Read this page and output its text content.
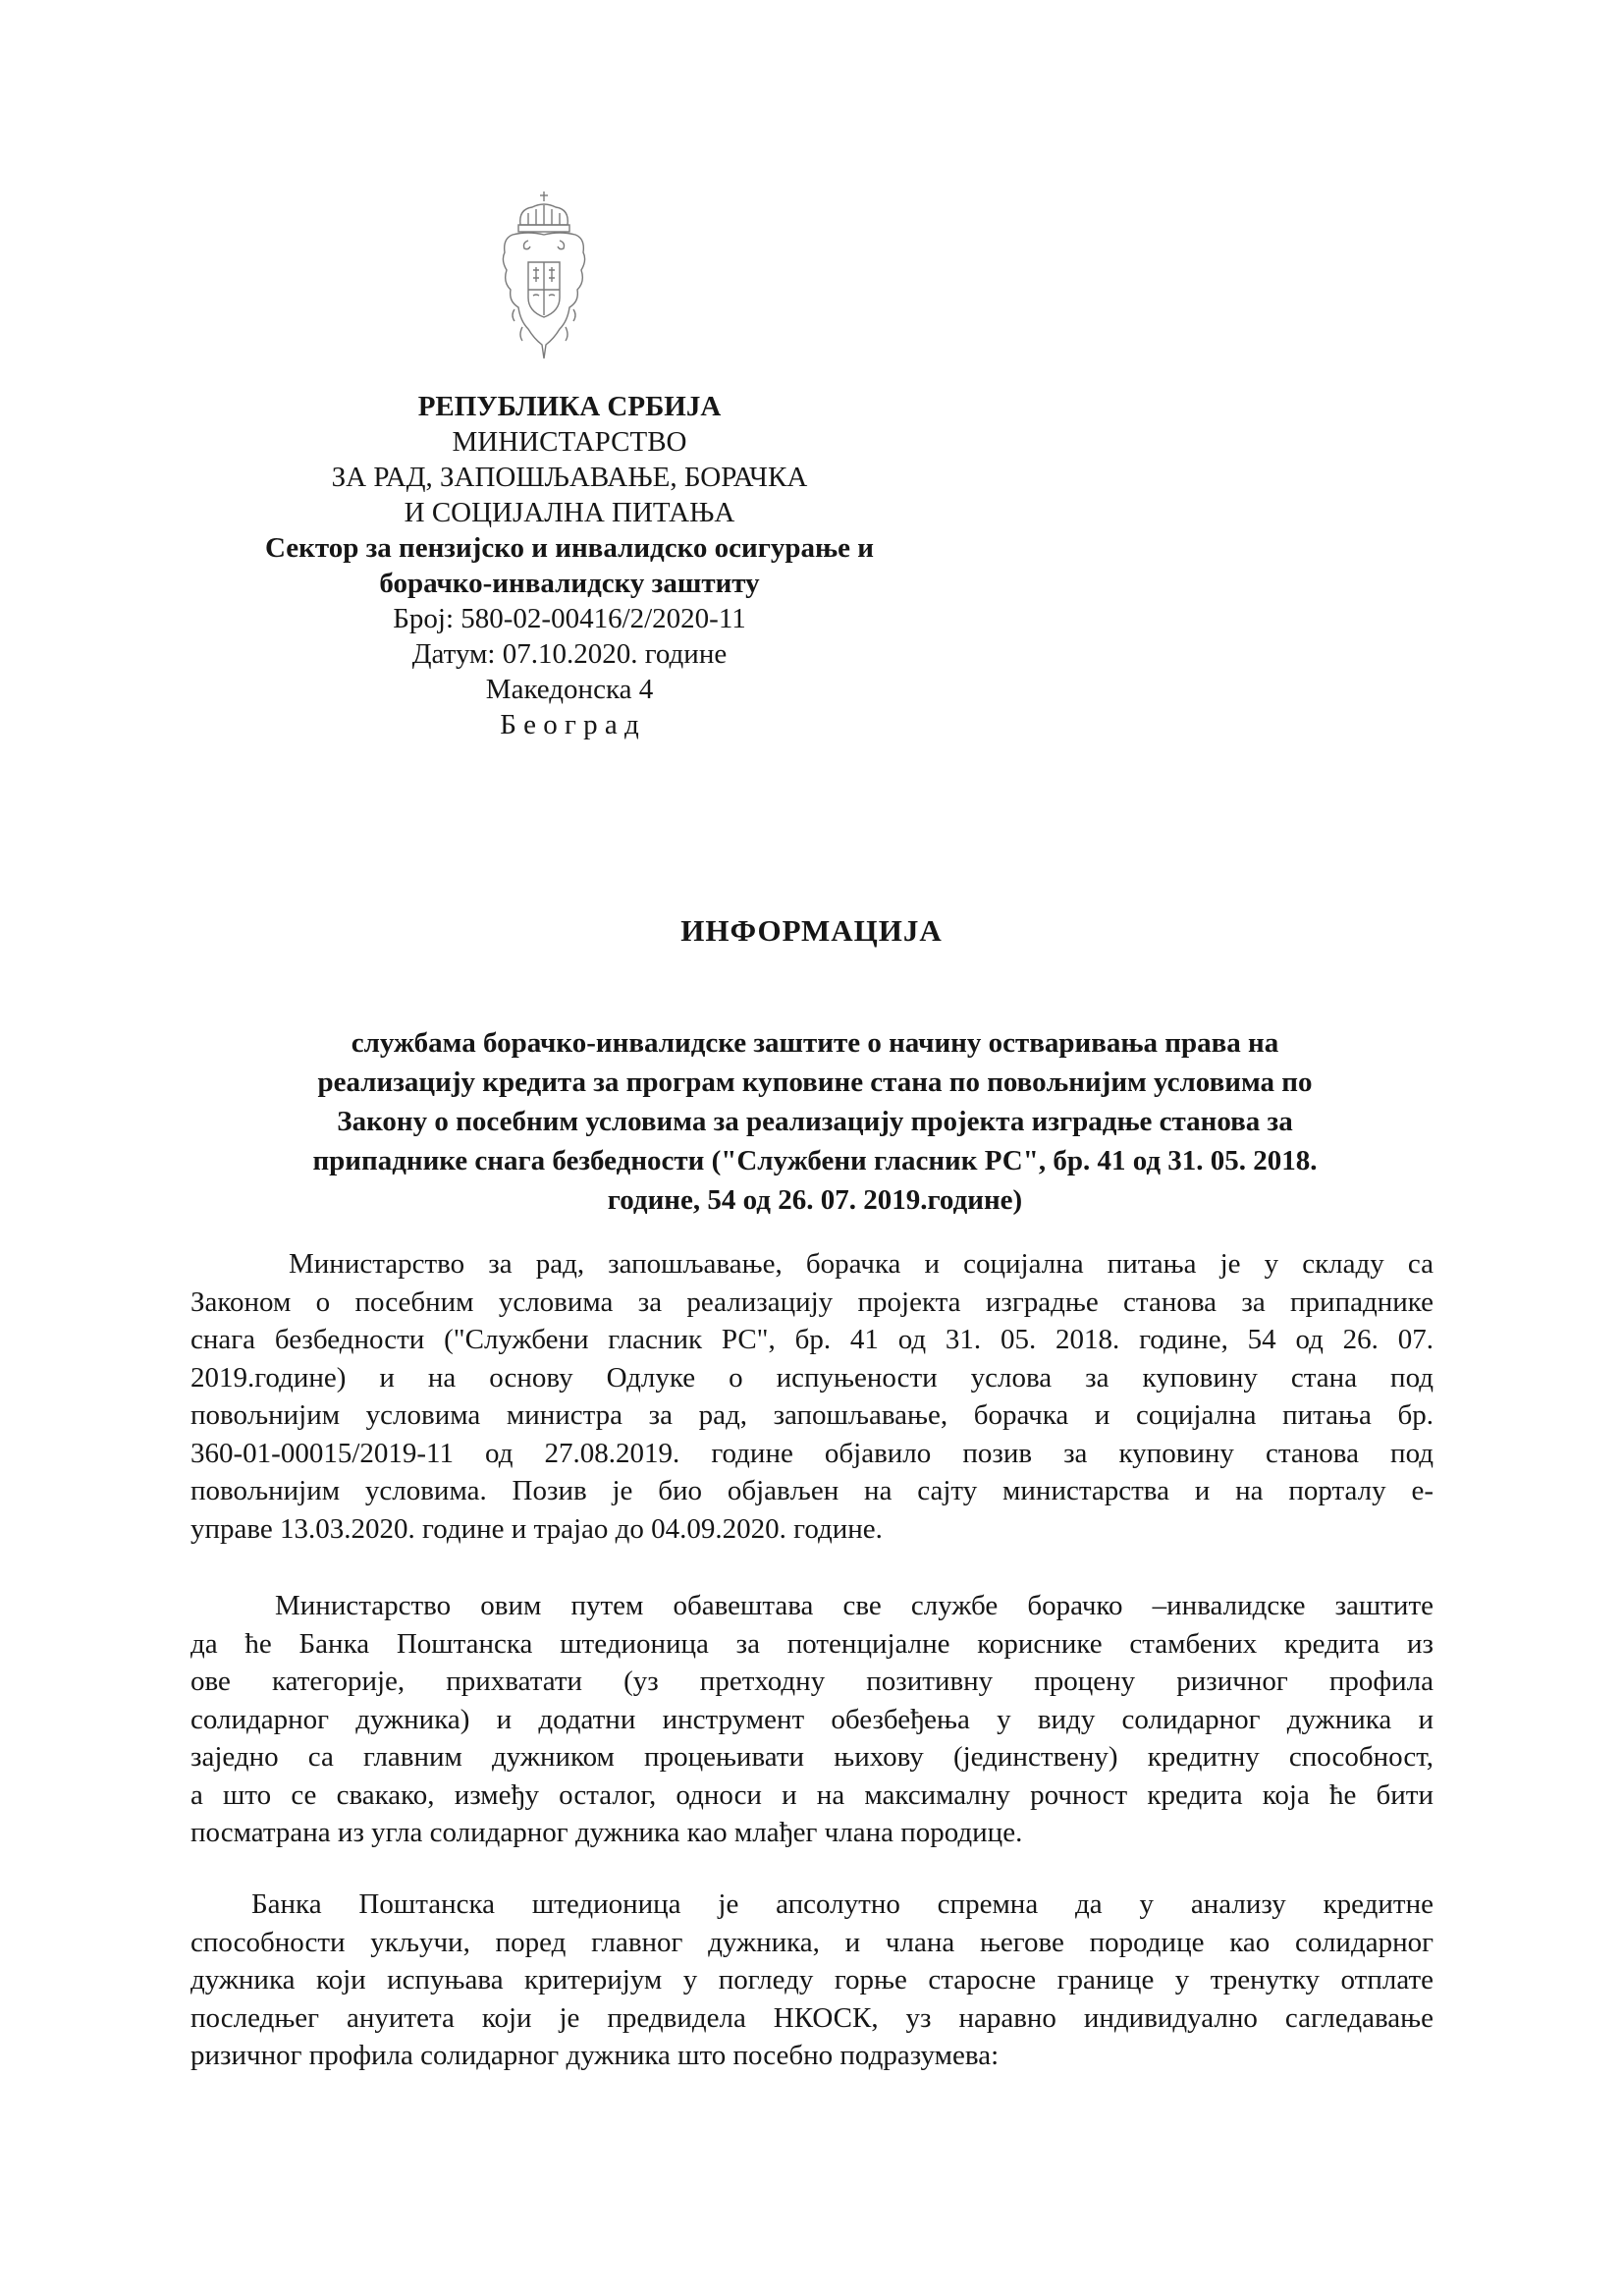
РЕПУБЛИКА СРБИЈА
МИНИСТАРСТВО
ЗА РАД, ЗАПОШЉАВАЊЕ, БОРАЧКА
И СОЦИЈАЛНА ПИТАЊА
Сектор за пензијско и инвалидско осигурање и
борачко-инвалидску заштиту
Број: 580-02-00416/2/2020-11
Датум: 07.10.2020. године
Македонска 4
Б е о г р а д
ИНФОРМАЦИЈА
службама борачко-инвалидске заштите о начину остваривања права на
реализацију кредита за програм куповине стана по повољнијим условима по
Закону о посебним условима за реализацију пројекта изградње станова за
припаднике снага безбедности ("Службени гласник РС", бр. 41 од 31. 05. 2018.
године, 54 од 26. 07. 2019.године)
Министарство за рад, запошљавање, борачка и социјална питања је у складу са
Законом о посебним условима за реализацију пројекта изградње станова за припаднике
снага безбедности ("Службени гласник РС", бр. 41 од 31. 05. 2018. године, 54 од 26. 07.
2019.године) и на основу Одлуке о испуњености услова за куповину стана под
повољнијим условима министра за рад, запошљавање, борачка и социјална питања бр.
360-01-00015/2019-11 од 27.08.2019. године објавило позив за куповину станова под
повољнијим условима. Позив је био објављен на сајту министарства и на порталу е-
управе 13.03.2020. године и трајао до 04.09.2020. године.
Министарство овим путем обавештава све службе борачко –инвалидске заштите
да ће Банка Поштанска штедионица за потенцијалне кориснике стамбених кредита из
ове категорије, прихватати (уз претходну позитивну процену ризичног профила
солидарног дужника) и додатни инструмент обезбеђења у виду солидарног дужника и
заједно са главним дужником процењивати њихову (јединствену) кредитну способност,
а што се свакако, између осталог, односи и на максималну рочност кредита која ће бити
посматрана из угла солидарног дужника као млађег члана породице.
Банка Поштанска штедионица је апсолутно спремна да у анализу кредитне
способности укључи, поред главног дужника, и члана његове породице као солидарног
дужника који испуњава критеријум у погледу горње старосне границе у тренутку отплате
последњег ануитета који је предвидела НКОСК, уз наравно индивидуално сагледавање
ризичног профила солидарног дужника што посебно подразумева:
